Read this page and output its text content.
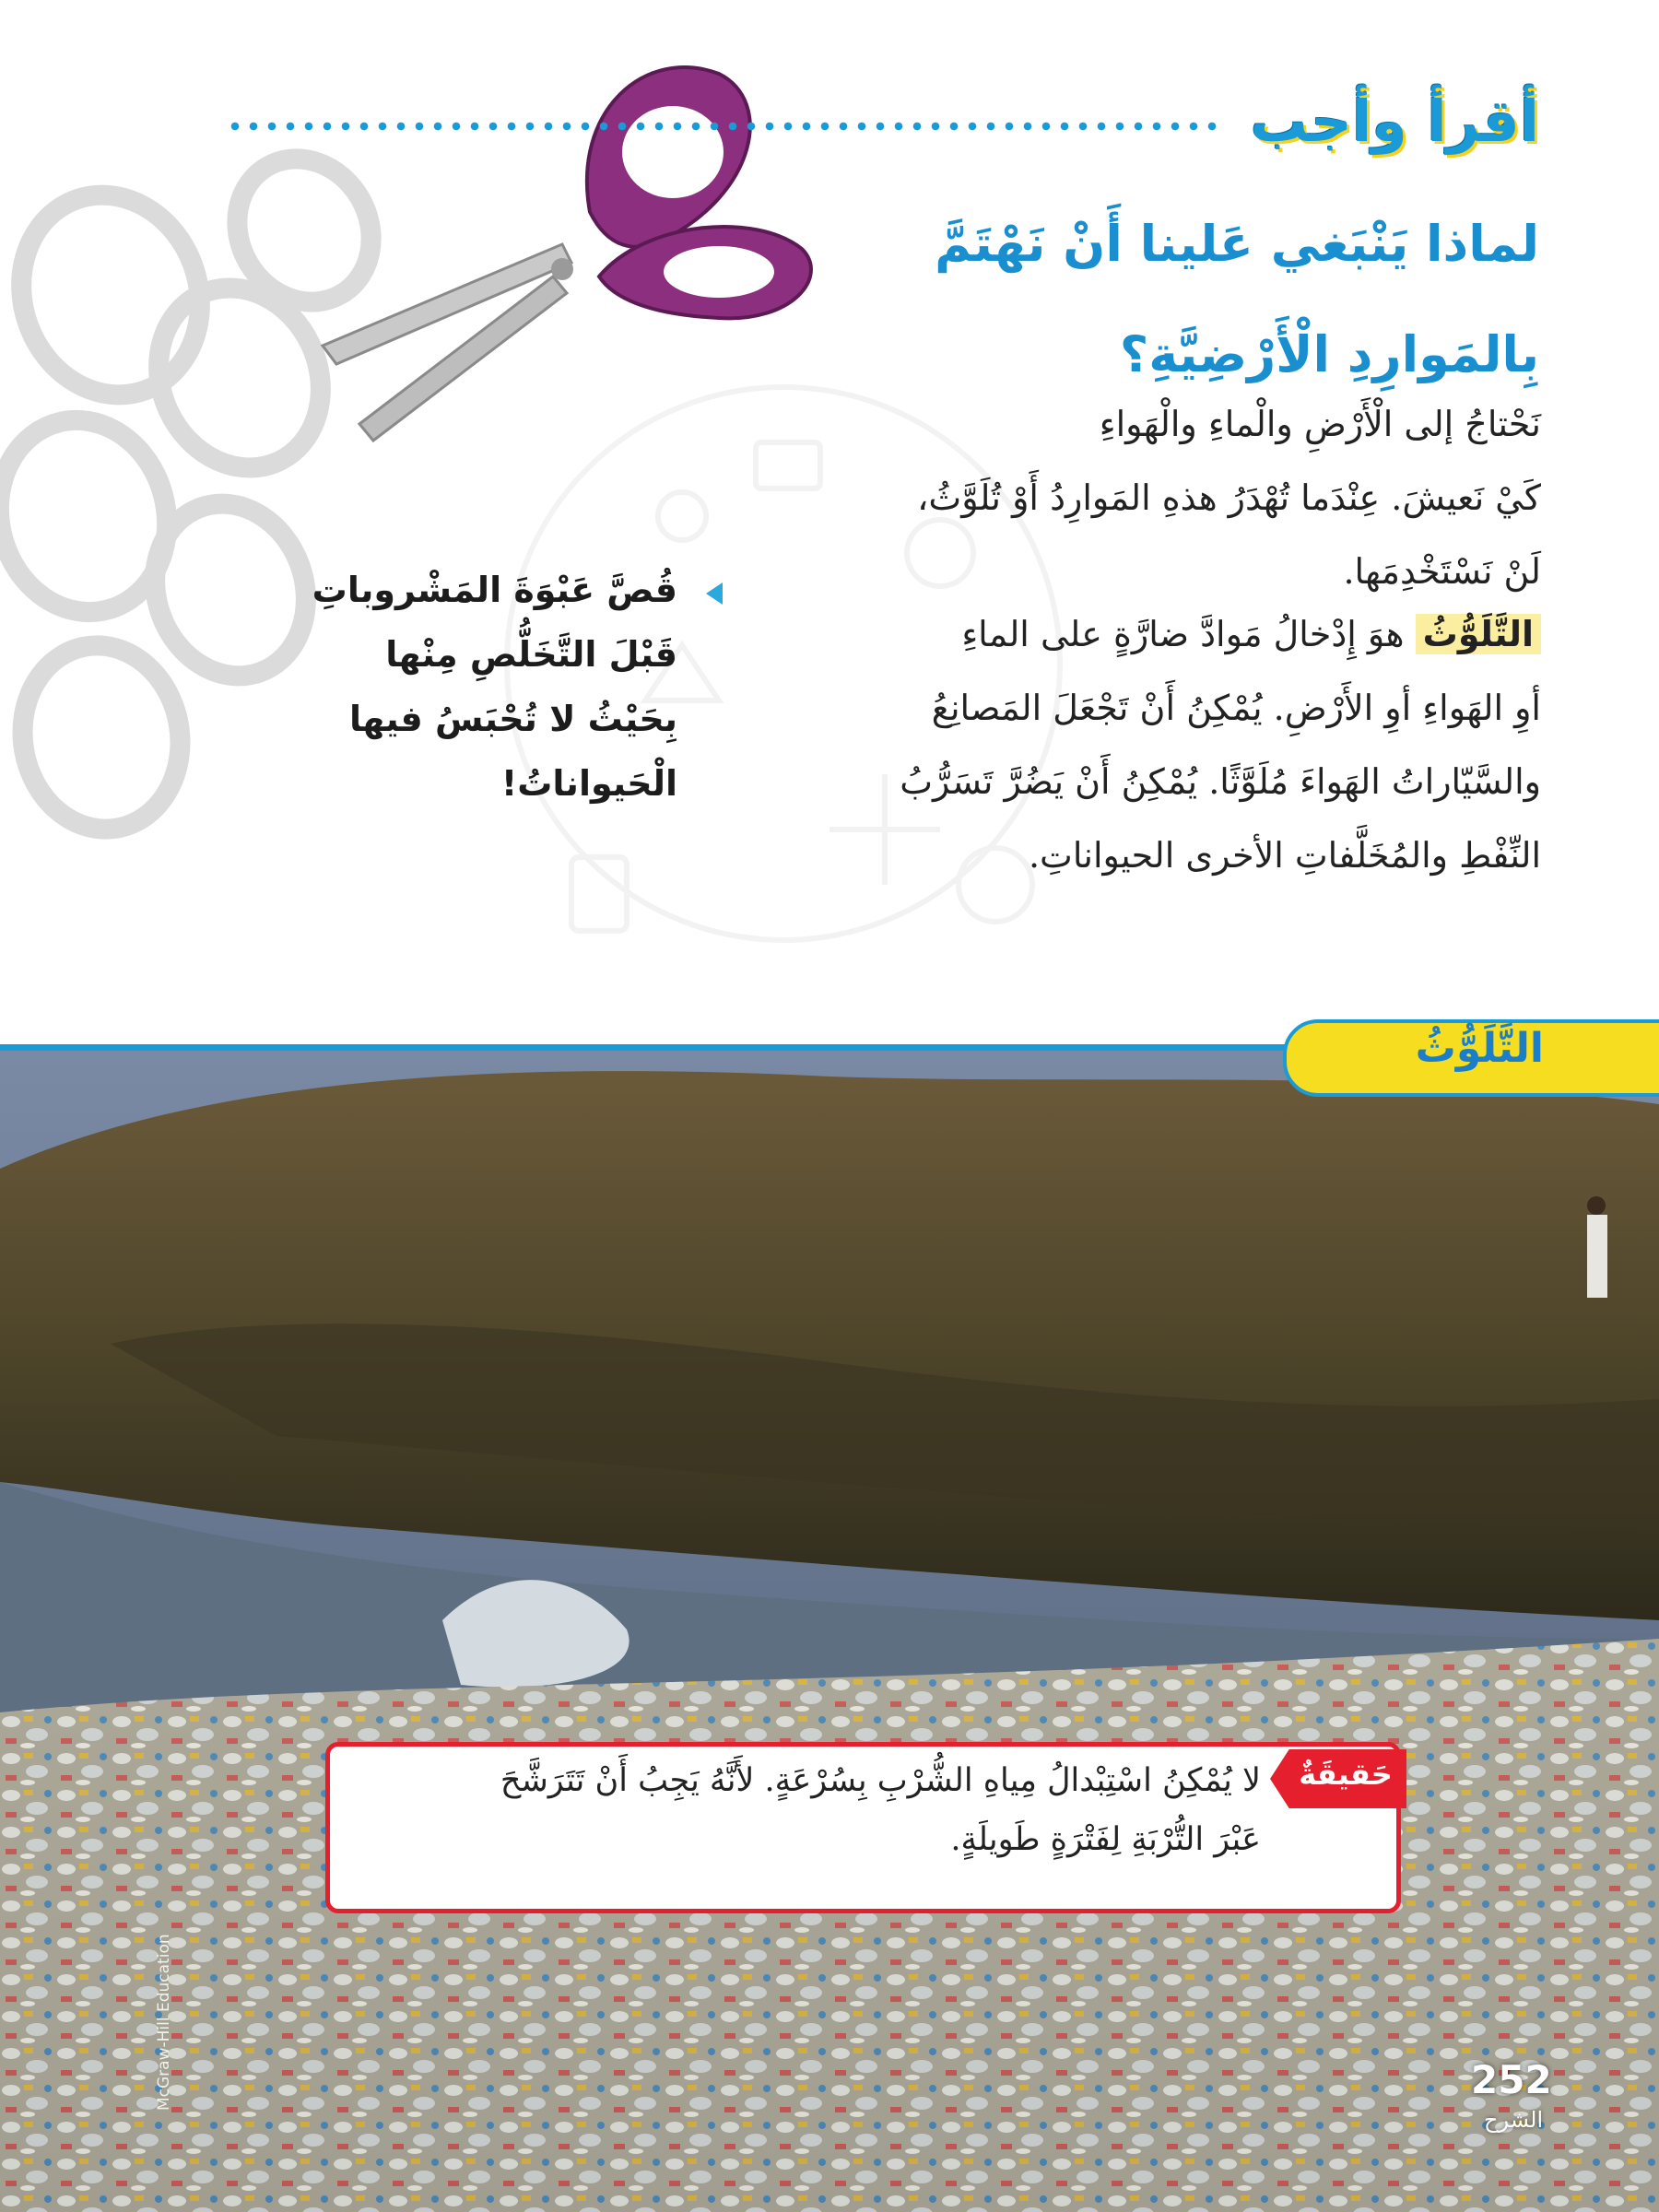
أقرأ وأجب
لماذا يَنْبَغي عَلينا أَنْ نَهْتَمَّ
بِالمَوارِدِ الْأَرْضِيَّةِ؟
نَحْتاجُ إلى الْأَرْضِ والْماءِ والْهَواءِ
كَيْ نَعيشَ. عِنْدَما تُهْدَرُ هذهِ المَوارِدُ أَوْ تُلَوَّثُ،
لَنْ نَسْتَخْدِمَها.
التَّلَوُّثُ هوَ إِدْخالُ مَوادَّ ضارَّةٍ على الماءِ
أوِ الهَواءِ أوِ الأَرْضِ. يُمْكِنُ أَنْ تَجْعَلَ المَصانِعُ
والسَّيّاراتُ الهَواءَ مُلَوَّثًا. يُمْكِنُ أَنْ يَضُرَّ تَسَرُّبُ
النِّفْطِ والمُخَلَّفاتِ الأخرى الحيواناتِ.
قُصَّ عَبْوَةَ المَشْروباتِ
قَبْلَ التَّخَلُّصِ مِنْها
بِحَيْثُ لا تُحْبَسُ فيها
الْحَيواناتُ!
التَّلَوُّثُ
McGraw-Hill Education
حَقيقَةٌ
لا يُمْكِنُ اسْتِبْدالُ مِياهِ الشُّرْبِ بِسُرْعَةٍ. لأَنَّهُ يَجِبُ أَنْ تَتَرَشَّحَ
عَبْرَ التُّرْبَةِ لِفَتْرَةٍ طَويلَةٍ.
252
الشرح
